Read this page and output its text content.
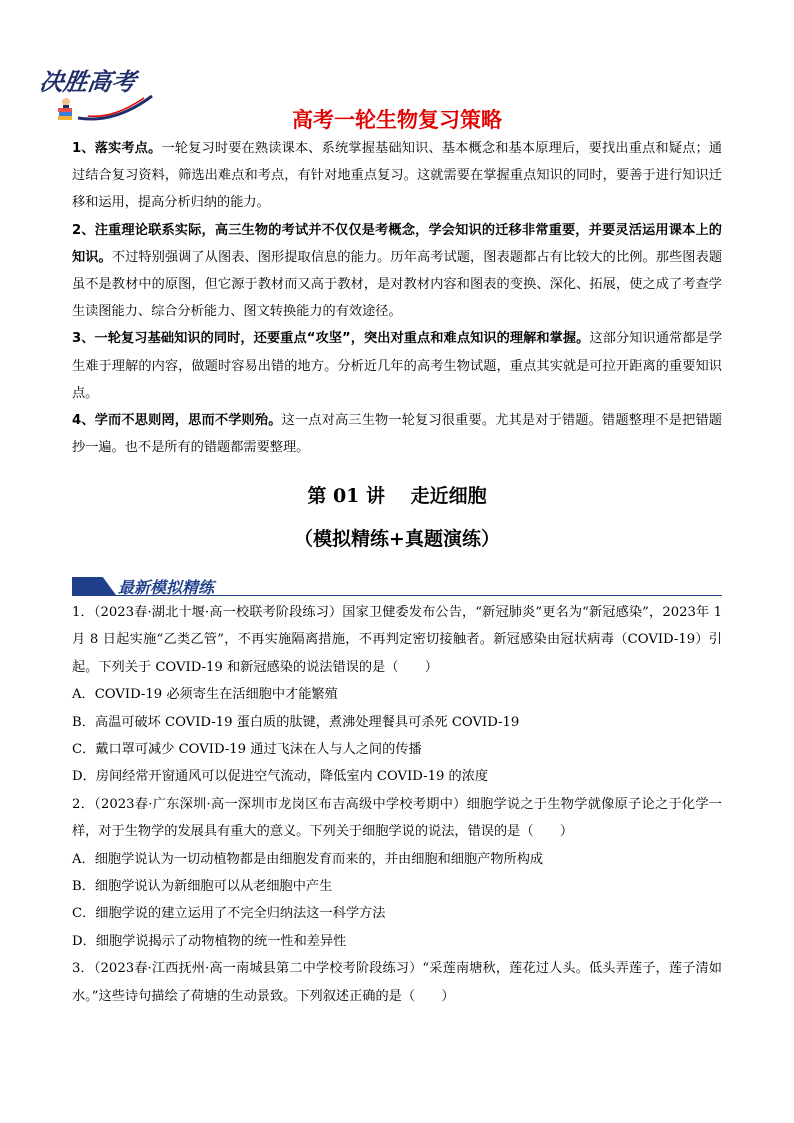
决胜高考
高考一轮生物复习策略

1、落实考点。一轮复习时要在熟读课本、系统掌握基础知识、基本概念和基本原理后，要找出重点和疑点；通过结合复习资料，筛选出难点和考点，有针对地重点复习。这就需要在掌握重点知识的同时，要善于进行知识迁移和运用，提高分析归纳的能力。

2、注重理论联系实际，高三生物的考试并不仅仅是考概念，学会知识的迁移非常重要，并要灵活运用课本上的知识。不过特别强调了从图表、图形提取信息的能力。历年高考试题，图表题都占有比较大的比例。那些图表题虽不是教材中的原图，但它源于教材而又高于教材，是对教材内容和图表的变换、深化、拓展，使之成了考查学生读图能力、综合分析能力、图文转换能力的有效途径。

3、一轮复习基础知识的同时，还要重点“攻坚”，突出对重点和难点知识的理解和掌握。这部分知识通常都是学生难于理解的内容，做题时容易出错的地方。分析近几年的高考生物试题，重点其实就是可拉开距离的重要知识点。

4、学而不思则罔，思而不学则殆。这一点对高三生物一轮复习很重要。尤其是对于错题。错题整理不是把错题抄一遍。也不是所有的错题都需要整理。

第 01 讲　 走近细胞
（模拟精练+真题演练）
最新模拟精练

1．（2023春·湖北十堰·高一校联考阶段练习）国家卫健委发布公告，“新冠肺炎”更名为“新冠感染”，2023年 1 月 8 日起实施“乙类乙管”，不再实施隔离措施，不再判定密切接触者。新冠感染由冠状病毒（COVID-19）引起。下列关于 COVID-19 和新冠感染的说法错误的是（　　）

A．COVID-19 必须寄生在活细胞中才能繁殖

B．高温可破坏 COVID-19 蛋白质的肽键，煮沸处理餐具可杀死 COVID-19

C．戴口罩可减少 COVID-19 通过飞沫在人与人之间的传播

D．房间经常开窗通风可以促进空气流动，降低室内 COVID-19 的浓度

2．（2023春·广东深圳·高一深圳市龙岗区布吉高级中学校考期中）细胞学说之于生物学就像原子论之于化学一样，对于生物学的发展具有重大的意义。下列关于细胞学说的说法，错误的是（　　）

A．细胞学说认为一切动植物都是由细胞发育而来的，并由细胞和细胞产物所构成

B．细胞学说认为新细胞可以从老细胞中产生

C．细胞学说的建立运用了不完全归纳法这一科学方法

D．细胞学说揭示了动物植物的统一性和差异性

3．（2023春·江西抚州·高一南城县第二中学校考阶段练习）“采莲南塘秋，莲花过人头。低头弄莲子，莲子清如水。”这些诗句描绘了荷塘的生动景致。下列叙述正确的是（　　）
